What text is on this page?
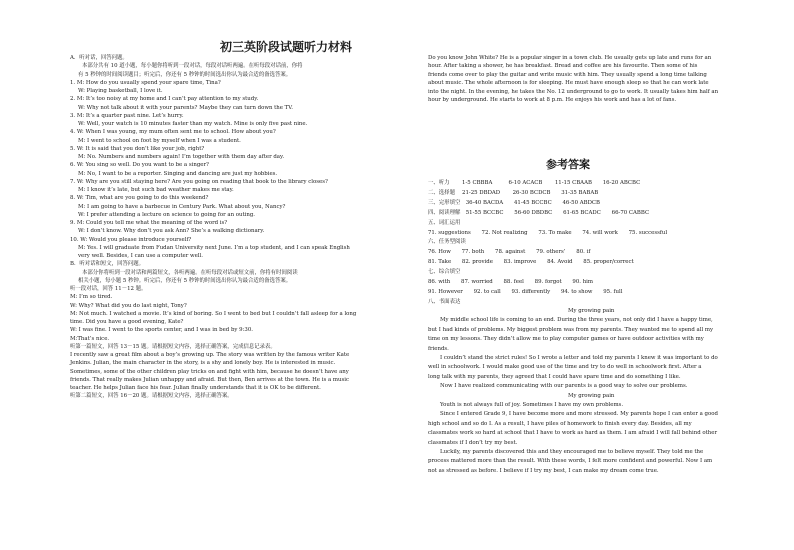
初三英阶段试题听力材料
A．听对话，回答问题。
本部分共有 10 道小题，每小题你将听到一段对话，每段对话听两遍。在听每段对话前，你将
有 5 秒钟的时间阅读题目；听完后，你还有 5 秒钟的时间选出你认为最合适的备选答案。
1. M: How do you usually spend your spare time, Tina?
W: Playing basketball, I love it.
2. M: It’s too noisy at my home and I can’t pay attention to my study.
W: Why not talk about it with your parents? Maybe they can turn down the TV.
3. M: It’s a quarter past nine. Let’s hurry.
W: Well, your watch is 10 minutes faster than my watch. Mine is only five past nine.
4. W: When I was young, my mum often sent me to school. How about you?
M: I went to school on foot by myself when I was a student.
5. W: It is said that you don’t like your job, right?
M: No. Numbers and numbers again! I’m together with them day after day.
6. W: You sing so well. Do you want to be a singer?
M: No, I want to be a reporter. Singing and dancing are just my hobbies.
7. W: Why are you still staying here? Are you going on reading that book to the library closes?
M: I know it’s late, but such bad weather makes me stay.
8. W: Tim, what are you going to do this weekend?
M: I am going to have a barbecue in Century Park. What about you, Nancy?
W: I prefer attending a lecture on science to going for an outing.
9. M: Could you tell me what the meaning of the word is?
W: I don’t know. Why don’t you ask Ann? She’s a walking dictionary.
10. W: Would you please introduce yourself?
M: Yes. I will graduate from Fudan University next June. I’m a top student, and I can speak English
very well. Besides, I can use a computer well.
B．听对话和短文，回答问题。
本部分你将听到一段对话和两篇短文，各听两遍。在听每段对话或短文前，你将有时间阅读
相关小题，每小题 5 秒钟。听完后，你还有 5 秒钟的时间选出你认为最合适的备选答案。
听一段对话，回答 11－12 题。
M: I’m so tired.
W: Why? What did you do last night, Tony?
M: Not much. I watched a movie. It’s kind of boring. So I went to bed but I couldn’t fall asleep for a long
time. Did you have a good evening, Kate?
W: I was fine. I went to the sports center, and I was in bed by 9:30.
M:That’s nice.
听第一篇短文，回答 13－15 题。请根据短文内容，选择正确答案，完成信息记录表。
I recently saw a great film about a boy’s growing up. The story was written by the famous writer Kate
Jenkins. Julian, the main character in the story, is a shy and lonely boy. He is interested in music.
Sometimes, some of the other children play tricks on and fight with him, because he doesn’t have any
friends. That really makes Julian unhappy and afraid. But then, Ben arrives at the town. He is a music
teacher. He helps Julian face his fear. Julian finally understands that it is OK to be different.
听第二篇短文，回答 16－20 题。请根据短文内容，选择正确答案。
Do you know John White? He is a popular singer in a town club. He usually gets up late and runs for an
hour. After taking a shower, he has breakfast. Bread and coffee are his favourite. Then some of his
friends come over to play the guitar and write music with him. They usually spend a long time talking
about music. The whole afternoon is for sleeping. He must have enough sleep so that he can work late
into the night. In the evening, he takes the No. 12 underground to go to work. It usually takes him half an
hour by underground. He starts to work at 8 p.m. He enjoys his work and has a lot of fans.
参考答案
一、听力　　 1-5 CBBBA　　　6-10 ACACB　　 11-15 CBAAB　　16-20 ABCBC
二、选择题　 21-25 DBDAD　　 26-30 BCDCB　　31-35 BABAB
三、完形填空　36-40 BACDA　　41-45 BCCBC　　46-50 ABDCB
四、阅读理解　51-55 BCCBC　　56-60 DBDBC　　61-65 BCADC　　66-70 CABBC
五、词汇运用
71. suggestions　　72. Not realizing　　73. To make　　74. will work　　75. successful
六、任务型阅读
76. How　　77. both　　78. against　　79. others’　　80. if
81. Take　　82. provide　　83. improve　　84. Avoid　　85. proper/correct
七、综合填空
86. with　　87. worried　　88. feel　　89. forgot　　90. him
91. However　　92. to call　　93. differently　　94. to show　　95. full
八、书面表达
My growing pain
My middle school life is coming to an end. During the three years, not only did I have a happy time,
but I had kinds of problems. My biggest problem was from my parents. They wanted me to spend all my
time on my lessons. They didn’t allow me to play computer games or have outdoor activities with my
friends.
I couldn’t stand the strict rules! So I wrote a letter and told my parents I knew it was important to do
well in schoolwork. I would make good use of the time and try to do well in schoolwork first. After a
long talk with my parents, they agreed that I could have spare time and do something I like.
Now I have realized communicating with our parents is a good way to solve our problems.
My growing pain
Youth is not always full of joy. Sometimes I have my own problems.
Since I entered Grade 9, I have become more and more stressed. My parents hope I can enter a good
high school and so do I. As a result, I have piles of homework to finish every day. Besides, all my
classmates work so hard at school that I have to work as hard as them. I am afraid I will fall behind other
classmates if I don’t try my best.
Luckily, my parents discovered this and they encouraged me to believe myself. They told me the
process mattered more than the result. With these words, I felt more confident and powerful. Now I am
not as stressed as before. I believe if I try my best, I can make my dream come true.
